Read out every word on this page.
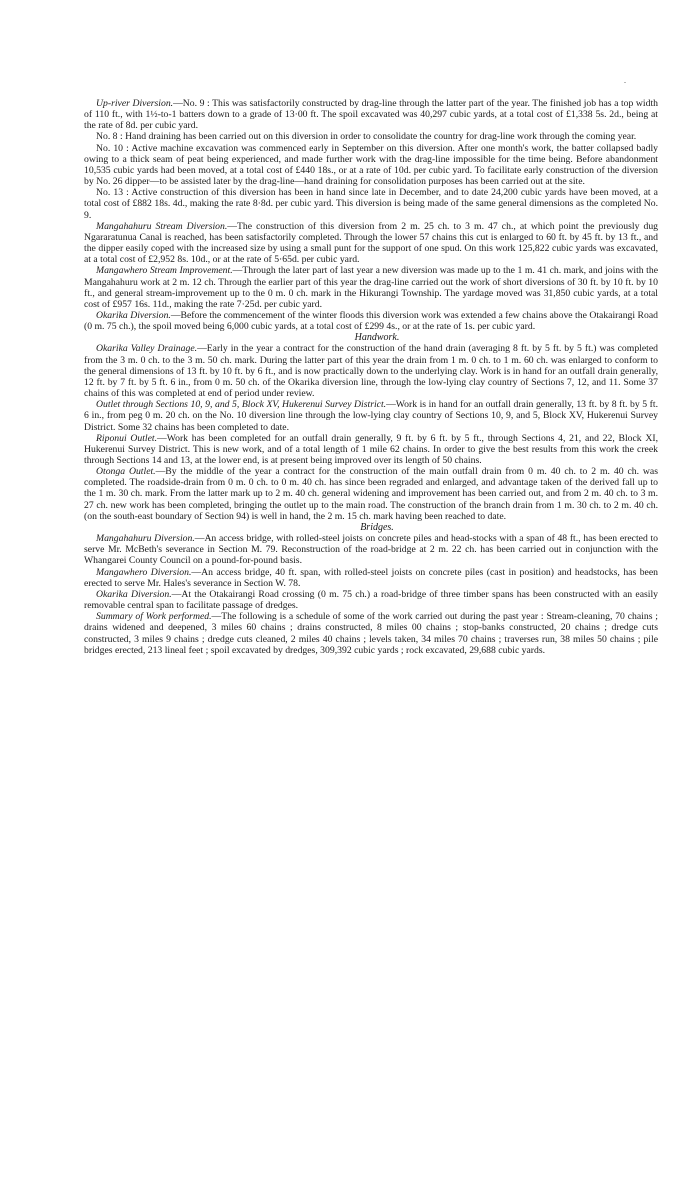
.

Up-river Diversion.—No. 9 : This was satisfactorily constructed by drag-line through the latter part of the year. The finished job has a top width of 110 ft., with 1½-to-1 batters down to a grade of 13·00 ft. The spoil excavated was 40,297 cubic yards, at a total cost of £1,338 5s. 2d., being at the rate of 8d. per cubic yard.

No. 8 : Hand draining has been carried out on this diversion in order to consolidate the country for drag-line work through the coming year.

No. 10 : Active machine excavation was commenced early in September on this diversion. After one month's work, the batter collapsed badly owing to a thick seam of peat being experienced, and made further work with the drag-line impossible for the time being. Before abandonment 10,535 cubic yards had been moved, at a total cost of £440 18s., or at a rate of 10d. per cubic yard. To facilitate early construction of the diversion by No. 26 dipper—to be assisted later by the drag-line—hand draining for consolidation purposes has been carried out at the site.

No. 13 : Active construction of this diversion has been in hand since late in December, and to date 24,200 cubic yards have been moved, at a total cost of £882 18s. 4d., making the rate 8·8d. per cubic yard. This diversion is being made of the same general dimensions as the completed No. 9.

Mangahahuru Stream Diversion.—The construction of this diversion from 2 m. 25 ch. to 3 m. 47 ch., at which point the previously dug Ngararatunua Canal is reached, has been satisfactorily completed. Through the lower 57 chains this cut is enlarged to 60 ft. by 45 ft. by 13 ft., and the dipper easily coped with the increased size by using a small punt for the support of one spud. On this work 125,822 cubic yards was excavated, at a total cost of £2,952 8s. 10d., or at the rate of 5·65d. per cubic yard.

Mangawhero Stream Improvement.—Through the later part of last year a new diversion was made up to the 1 m. 41 ch. mark, and joins with the Mangahahuru work at 2 m. 12 ch. Through the earlier part of this year the drag-line carried out the work of short diversions of 30 ft. by 10 ft. by 10 ft., and general stream-improvement up to the 0 m. 0 ch. mark in the Hikurangi Township. The yardage moved was 31,850 cubic yards, at a total cost of £957 16s. 11d., making the rate 7·25d. per cubic yard.

Okarika Diversion.—Before the commencement of the winter floods this diversion work was extended a few chains above the Otakairangi Road (0 m. 75 ch.), the spoil moved being 6,000 cubic yards, at a total cost of £299 4s., or at the rate of 1s. per cubic yard.

Handwork.

Okarika Valley Drainage.—Early in the year a contract for the construction of the hand drain (averaging 8 ft. by 5 ft. by 5 ft.) was completed from the 3 m. 0 ch. to the 3 m. 50 ch. mark. During the latter part of this year the drain from 1 m. 0 ch. to 1 m. 60 ch. was enlarged to conform to the general dimensions of 13 ft. by 10 ft. by 6 ft., and is now practically down to the underlying clay. Work is in hand for an outfall drain generally, 12 ft. by 7 ft. by 5 ft. 6 in., from 0 m. 50 ch. of the Okarika diversion line, through the low-lying clay country of Sections 7, 12, and 11. Some 37 chains of this was completed at end of period under review.

Outlet through Sections 10, 9, and 5, Block XV, Hukerenui Survey District.—Work is in hand for an outfall drain generally, 13 ft. by 8 ft. by 5 ft. 6 in., from peg 0 m. 20 ch. on the No. 10 diversion line through the low-lying clay country of Sections 10, 9, and 5, Block XV, Hukerenui Survey District. Some 32 chains has been completed to date.

Riponui Outlet.—Work has been completed for an outfall drain generally, 9 ft. by 6 ft. by 5 ft., through Sections 4, 21, and 22, Block XI, Hukerenui Survey District. This is new work, and of a total length of 1 mile 62 chains. In order to give the best results from this work the creek through Sections 14 and 13, at the lower end, is at present being improved over its length of 50 chains.

Otonga Outlet.—By the middle of the year a contract for the construction of the main outfall drain from 0 m. 40 ch. to 2 m. 40 ch. was completed. The roadside-drain from 0 m. 0 ch. to 0 m. 40 ch. has since been regraded and enlarged, and advantage taken of the derived fall up to the 1 m. 30 ch. mark. From the latter mark up to 2 m. 40 ch. general widening and improvement has been carried out, and from 2 m. 40 ch. to 3 m. 27 ch. new work has been completed, bringing the outlet up to the main road. The construction of the branch drain from 1 m. 30 ch. to 2 m. 40 ch. (on the south-east boundary of Section 94) is well in hand, the 2 m. 15 ch. mark having been reached to date.

Bridges.

Mangahahuru Diversion.—An access bridge, with rolled-steel joists on concrete piles and head-stocks with a span of 48 ft., has been erected to serve Mr. McBeth's severance in Section M. 79. Reconstruction of the road-bridge at 2 m. 22 ch. has been carried out in conjunction with the Whangarei County Council on a pound-for-pound basis.

Mangawhero Diversion.—An access bridge, 40 ft. span, with rolled-steel joists on concrete piles (cast in position) and headstocks, has been erected to serve Mr. Hales's severance in Section W. 78.

Okarika Diversion.—At the Otakairangi Road crossing (0 m. 75 ch.) a road-bridge of three timber spans has been constructed with an easily removable central span to facilitate passage of dredges.

Summary of Work performed.—The following is a schedule of some of the work carried out during the past year : Stream-cleaning, 70 chains ; drains widened and deepened, 3 miles 60 chains ; drains constructed, 8 miles 00 chains ; stop-banks constructed, 20 chains ; dredge cuts constructed, 3 miles 9 chains ; dredge cuts cleaned, 2 miles 40 chains ; levels taken, 34 miles 70 chains ; traverses run, 38 miles 50 chains ; pile bridges erected, 213 lineal feet ; spoil excavated by dredges, 309,392 cubic yards ; rock excavated, 29,688 cubic yards.
